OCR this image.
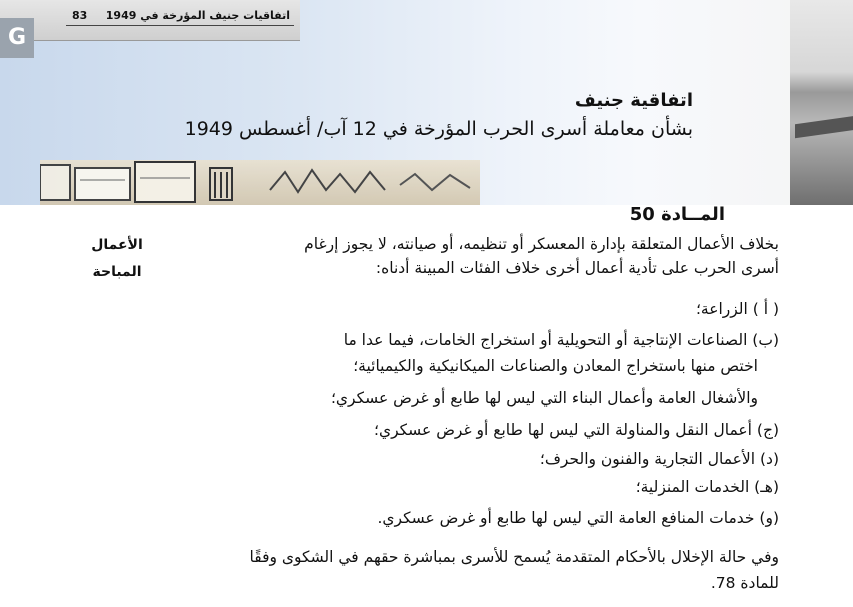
اتفاقيات جنيف المؤرخة في 1949
83
G
اتفاقية جنيف
بشأن معاملة أسرى الحرب المؤرخة في 12 آب/ أغسطس 1949
المــادة 50
الأعمال
المباحة
بخلاف الأعمال المتعلقة بإدارة المعسكر أو تنظيمه، أو صيانته، لا يجوز إرغام
أسرى الحرب على تأدية أعمال أخرى خلاف الفئات المبينة أدناه:
( أ ) الزراعة؛
(ب) الصناعات الإنتاجية أو التحويلية أو استخراج الخامات، فيما عدا ما
اختص منها باستخراج المعادن والصناعات الميكانيكية والكيميائية؛
والأشغال العامة وأعمال البناء التي ليس لها طابع أو غرض عسكري؛
(ج) أعمال النقل والمناولة التي ليس لها طابع أو غرض عسكري؛
(د) الأعمال التجارية والفنون والحرف؛
(هـ) الخدمات المنزلية؛
(و) خدمات المنافع العامة التي ليس لها طابع أو غرض عسكري.
وفي حالة الإخلال بالأحكام المتقدمة يُسمح للأسرى بمباشرة حقهم في الشكوى وفقًا
للمادة 78.
